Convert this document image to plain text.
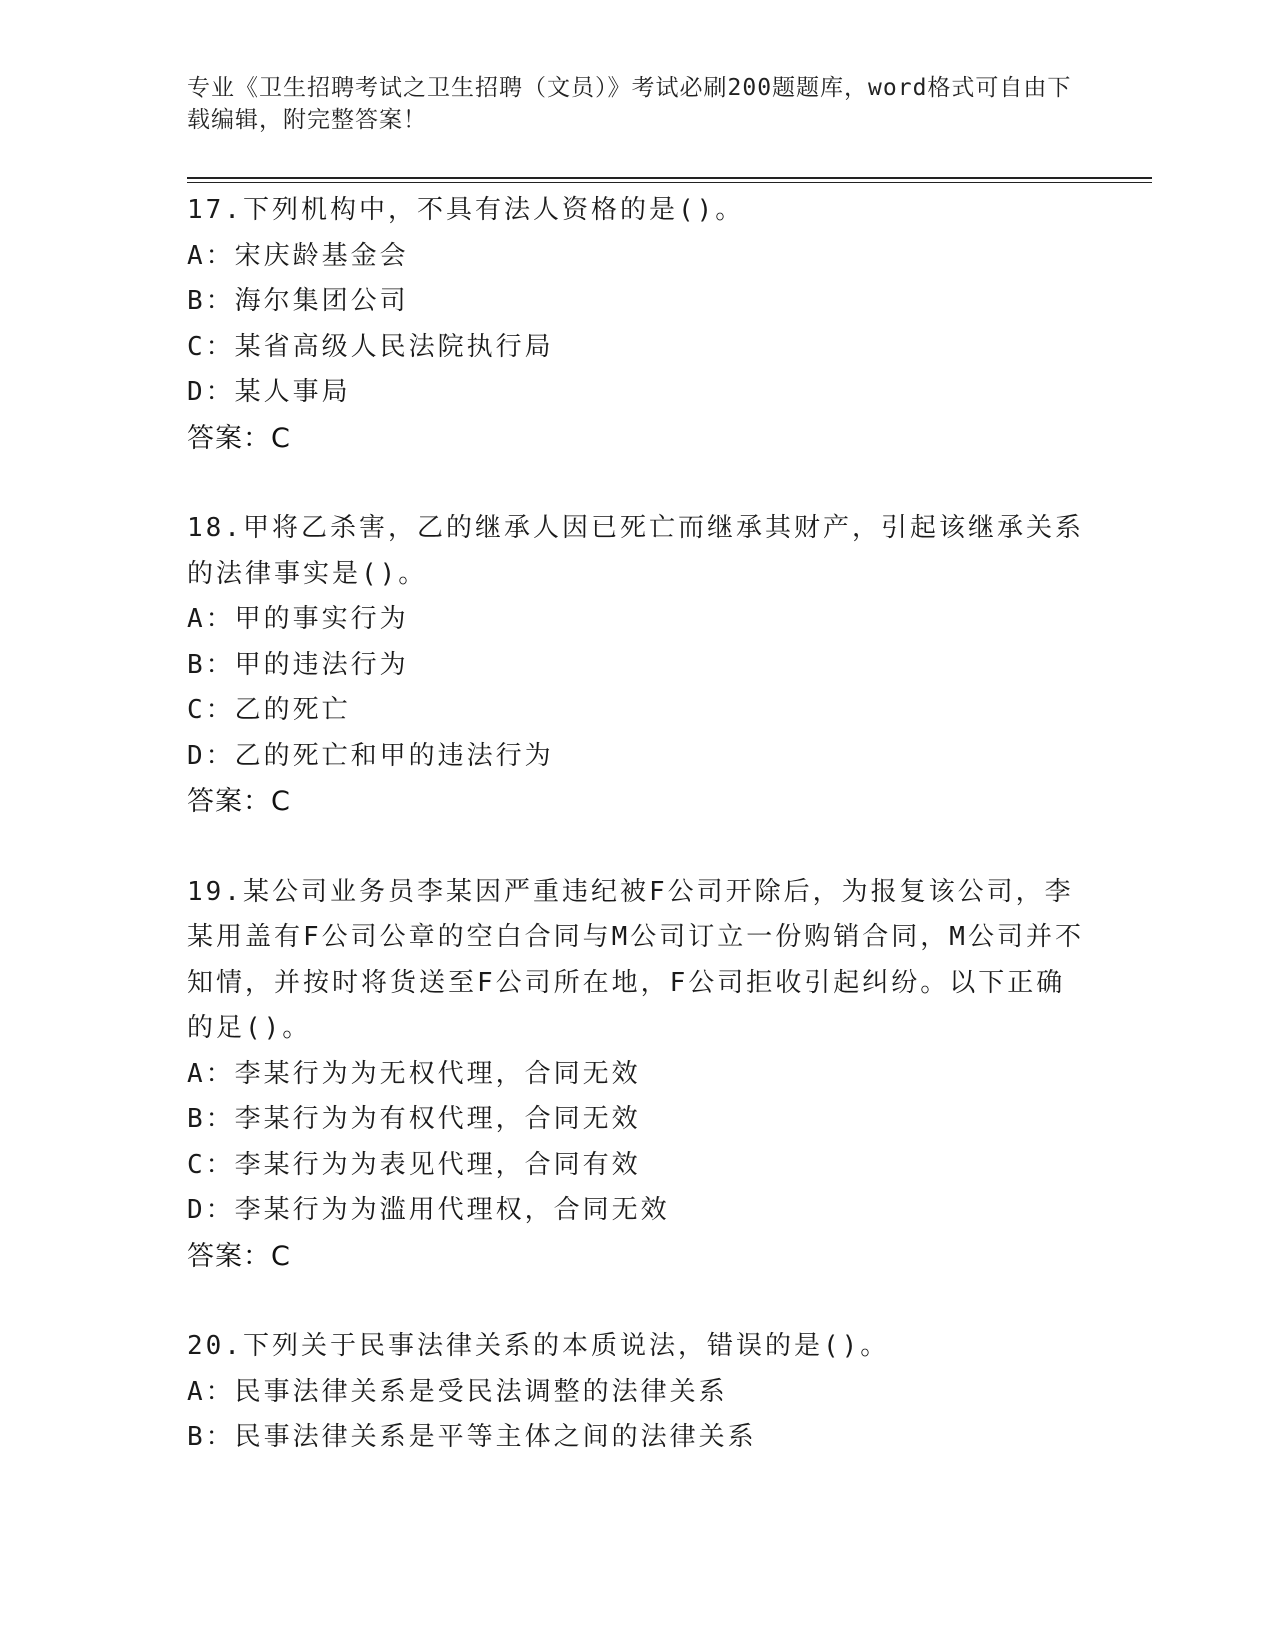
专业《卫生招聘考试之卫生招聘（文员）》考试必刷200题题库，word格式可自由下载编辑，附完整答案！
17.下列机构中，不具有法人资格的是()。
A：宋庆龄基金会
B：海尔集团公司
C：某省高级人民法院执行局
D：某人事局
答案：C
18.甲将乙杀害，乙的继承人因已死亡而继承其财产，引起该继承关系的法律事实是()。
A：甲的事实行为
B：甲的违法行为
C：乙的死亡
D：乙的死亡和甲的违法行为
答案：C
19.某公司业务员李某因严重违纪被F公司开除后，为报复该公司，李某用盖有F公司公章的空白合同与M公司订立一份购销合同，M公司并不知情，并按时将货送至F公司所在地，F公司拒收引起纠纷。以下正确的足()。
A：李某行为为无权代理，合同无效
B：李某行为为有权代理，合同无效
C：李某行为为表见代理，合同有效
D：李某行为为滥用代理权，合同无效
答案：C
20.下列关于民事法律关系的本质说法，错误的是()。
A：民事法律关系是受民法调整的法律关系
B：民事法律关系是平等主体之间的法律关系
